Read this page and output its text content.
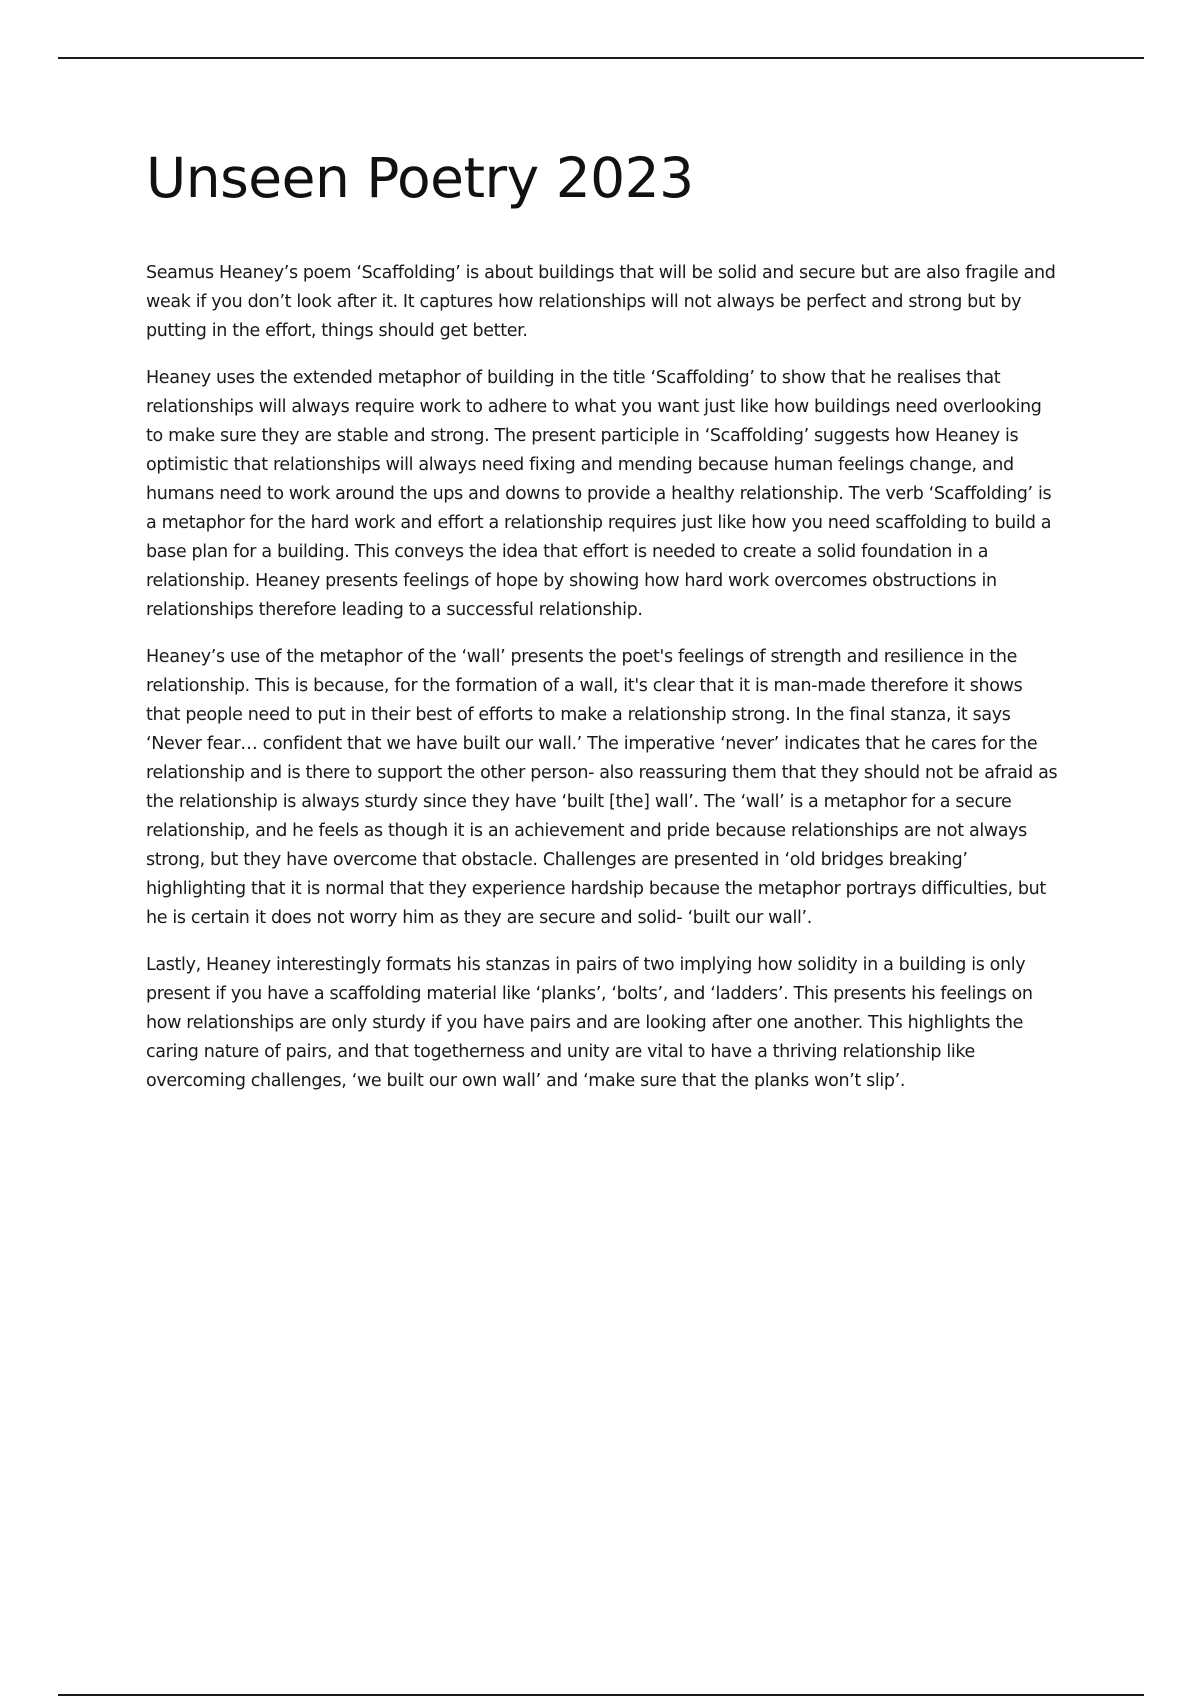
Unseen Poetry 2023

Seamus Heaney’s poem ‘Scaffolding’ is about buildings that will be solid and secure but are also fragile and weak if you don’t look after it. It captures how relationships will not always be perfect and strong but by putting in the effort, things should get better.

Heaney uses the extended metaphor of building in the title ‘Scaffolding’ to show that he realises that relationships will always require work to adhere to what you want just like how buildings need overlooking to make sure they are stable and strong. The present participle in ‘Scaffolding’ suggests how Heaney is optimistic that relationships will always need fixing and mending because human feelings change, and humans need to work around the ups and downs to provide a healthy relationship. The verb ‘Scaffolding’ is a metaphor for the hard work and effort a relationship requires just like how you need scaffolding to build a base plan for a building. This conveys the idea that effort is needed to create a solid foundation in a relationship. Heaney presents feelings of hope by showing how hard work overcomes obstructions in relationships therefore leading to a successful relationship.

Heaney’s use of the metaphor of the ‘wall’ presents the poet's feelings of strength and resilience in the relationship. This is because, for the formation of a wall, it's clear that it is man-made therefore it shows that people need to put in their best of efforts to make a relationship strong. In the final stanza, it says ‘Never fear… confident that we have built our wall.’ The imperative ‘never’ indicates that he cares for the relationship and is there to support the other person- also reassuring them that they should not be afraid as the relationship is always sturdy since they have ‘built [the] wall’. The ‘wall’ is a metaphor for a secure relationship, and he feels as though it is an achievement and pride because relationships are not always strong, but they have overcome that obstacle. Challenges are presented in ‘old bridges breaking’ highlighting that it is normal that they experience hardship because the metaphor portrays difficulties, but he is certain it does not worry him as they are secure and solid- ‘built our wall’.

Lastly, Heaney interestingly formats his stanzas in pairs of two implying how solidity in a building is only present if you have a scaffolding material like ‘planks’, ‘bolts’, and ‘ladders’. This presents his feelings on how relationships are only sturdy if you have pairs and are looking after one another. This highlights the caring nature of pairs, and that togetherness and unity are vital to have a thriving relationship like overcoming challenges, ‘we built our own wall’ and ‘make sure that the planks won’t slip’.
